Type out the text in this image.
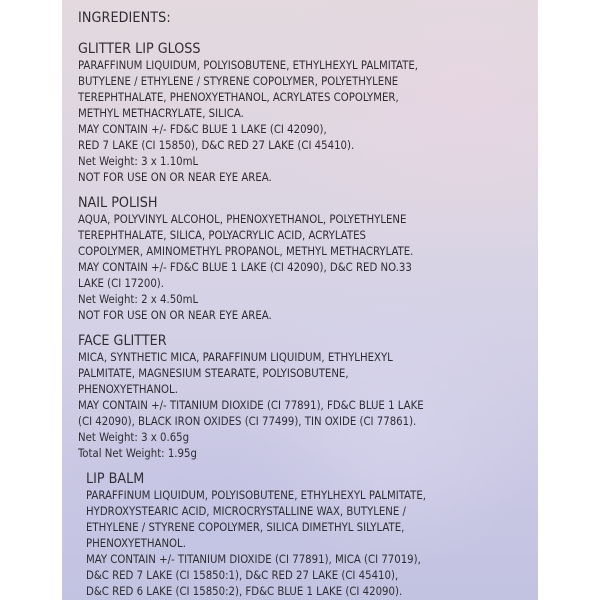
INGREDIENTS:
GLITTER LIP GLOSS
PARAFFINUM LIQUIDUM, POLYISOBUTENE, ETHYLHEXYL PALMITATE,
BUTYLENE / ETHYLENE / STYRENE COPOLYMER, POLYETHYLENE
TEREPHTHALATE, PHENOXYETHANOL, ACRYLATES COPOLYMER,
METHYL METHACRYLATE, SILICA.
MAY CONTAIN +/- FD&C BLUE 1 LAKE (CI 42090),
RED 7 LAKE (CI 15850), D&C RED 27 LAKE (CI 45410).
Net Weight: 3 x 1.10mL
NOT FOR USE ON OR NEAR EYE AREA.
NAIL POLISH
AQUA, POLYVINYL ALCOHOL, PHENOXYETHANOL, POLYETHYLENE
TEREPHTHALATE, SILICA, POLYACRYLIC ACID, ACRYLATES
COPOLYMER, AMINOMETHYL PROPANOL, METHYL METHACRYLATE.
MAY CONTAIN +/- FD&C BLUE 1 LAKE (CI 42090), D&C RED NO.33
LAKE (CI 17200).
Net Weight: 2 x 4.50mL
NOT FOR USE ON OR NEAR EYE AREA.
FACE GLITTER
MICA, SYNTHETIC MICA, PARAFFINUM LIQUIDUM, ETHYLHEXYL
PALMITATE, MAGNESIUM STEARATE, POLYISOBUTENE,
PHENOXYETHANOL.
MAY CONTAIN +/- TITANIUM DIOXIDE (CI 77891), FD&C BLUE 1 LAKE
(CI 42090), BLACK IRON OXIDES (CI 77499), TIN OXIDE (CI 77861).
Net Weight: 3 x 0.65g
Total Net Weight: 1.95g
LIP BALM
PARAFFINUM LIQUIDUM, POLYISOBUTENE, ETHYLHEXYL PALMITATE,
HYDROXYSTEARIC ACID, MICROCRYSTALLINE WAX, BUTYLENE /
ETHYLENE / STYRENE COPOLYMER, SILICA DIMETHYL SILYLATE,
PHENOXYETHANOL.
MAY CONTAIN +/- TITANIUM DIOXIDE (CI 77891), MICA (CI 77019),
D&C RED 7 LAKE (CI 15850:1), D&C RED 27 LAKE (CI 45410),
D&C RED 6 LAKE (CI 15850:2), FD&C BLUE 1 LAKE (CI 42090).
